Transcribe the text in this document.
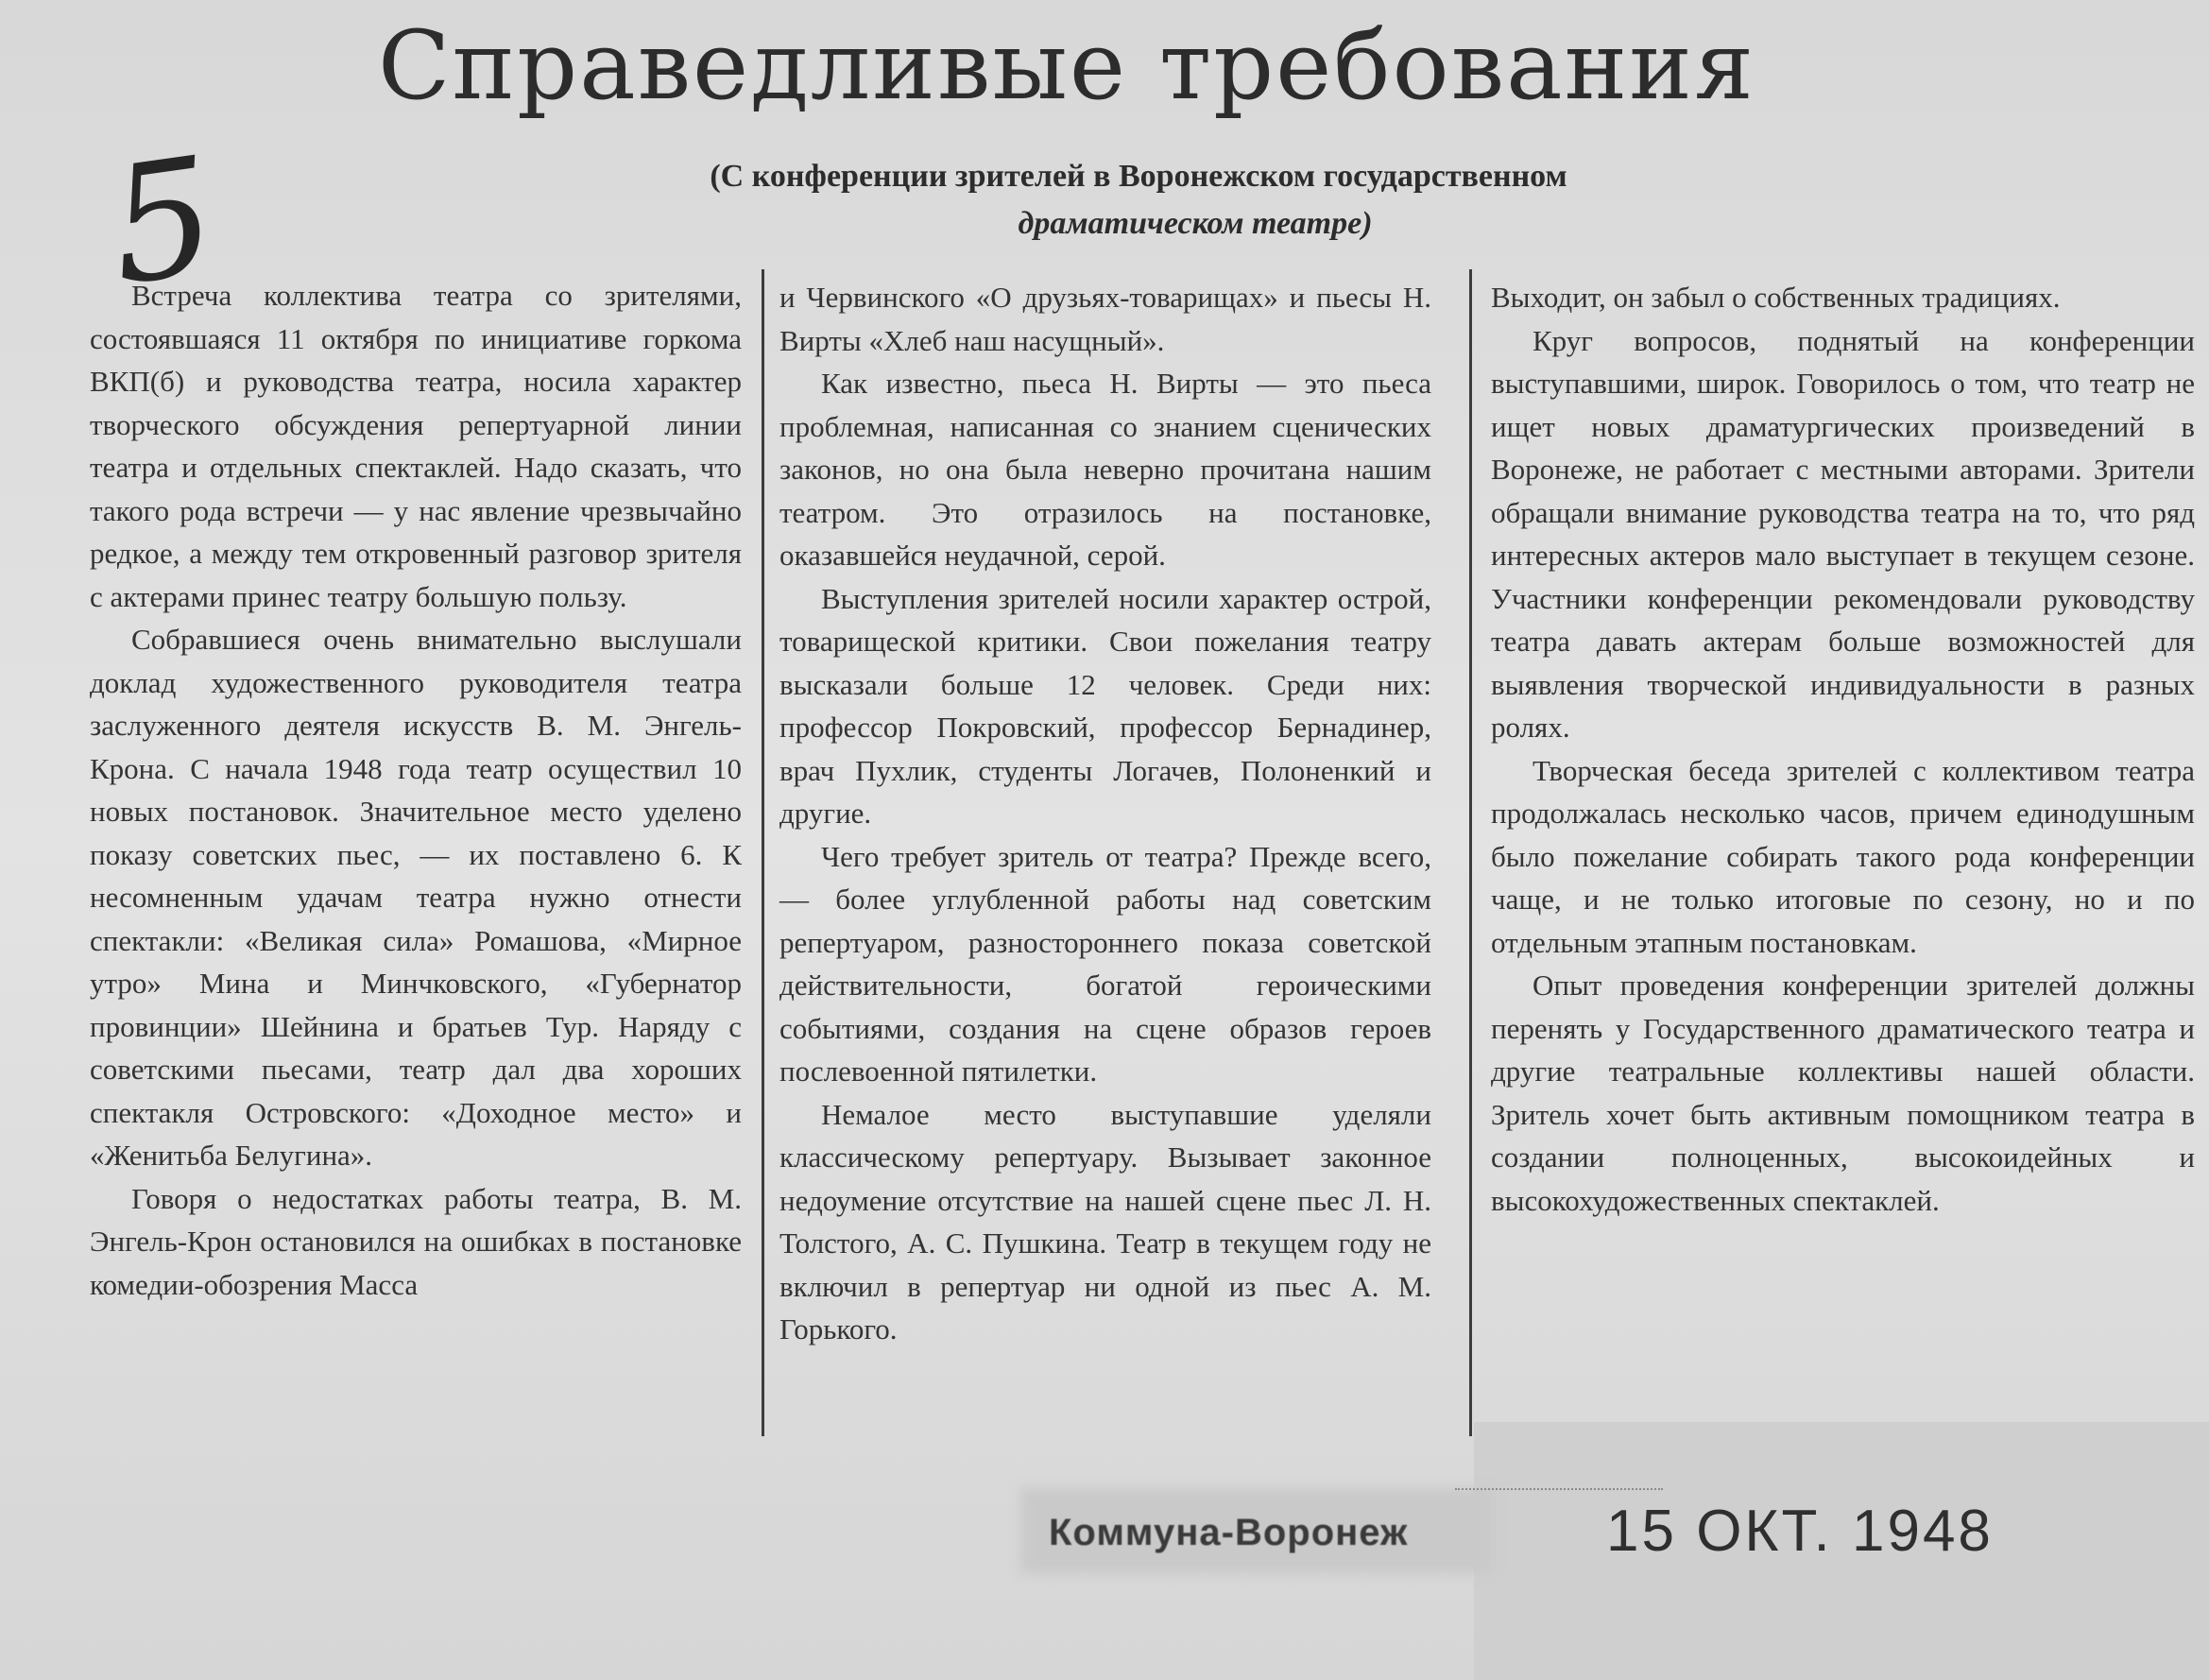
5
Справедливые требования
(С конференции зрителей в Воронежском государственном
драматическом театре)

Встреча коллектива театра со зрителями, состоявшаяся 11 октября по инициативе горкома ВКП(б) и руководства театра, носила характер творческого обсуждения репертуарной линии театра и отдельных спектаклей. Надо сказать, что такого рода встречи — у нас явление чрезвычайно редкое, а между тем откровенный разговор зрителя с актерами принес театру большую пользу.

Собравшиеся очень внимательно выслушали доклад художественного руководителя театра заслуженного деятеля искусств В. М. Энгель-Крона. С начала 1948 года театр осуществил 10 новых постановок. Значительное место уделено показу советских пьес, — их поставлено 6. К несомненным удачам театра нужно отнести спектакли: «Великая сила» Ромашова, «Мирное утро» Мина и Минчковского, «Губернатор провинции» Шейнина и братьев Тур. Наряду с советскими пьесами, театр дал два хороших спектакля Островского: «Доходное место» и «Женитьба Белугина».

Говоря о недостатках работы театра, В. М. Энгель-Крон остановился на ошибках в постановке комедии-обозрения Масса

и Червинского «О друзьях-товарищах» и пьесы Н. Вирты «Хлеб наш насущный».

Как известно, пьеса Н. Вирты — это пьеса проблемная, написанная со знанием сценических законов, но она была неверно прочитана нашим театром. Это отразилось на постановке, оказавшейся неудачной, серой.

Выступления зрителей носили характер острой, товарищеской критики. Свои пожелания театру высказали больше 12 человек. Среди них: профессор Покровский, профессор Бернадинер, врач Пухлик, студенты Логачев, Полоненкий и другие.

Чего требует зритель от театра? Прежде всего, — более углубленной работы над советским репертуаром, разностороннего показа советской действительности, богатой героическими событиями, создания на сцене образов героев послевоенной пятилетки.

Немалое место выступавшие уделяли классическому репертуару. Вызывает законное недоумение отсутствие на нашей сцене пьес Л. Н. Толстого, А. С. Пушкина. Театр в текущем году не включил в репертуар ни одной из пьес А. М. Горького.

Выходит, он забыл о собственных традициях.

Круг вопросов, поднятый на конференции выступавшими, широк. Говорилось о том, что театр не ищет новых драматургических произведений в Воронеже, не работает с местными авторами. Зрители обращали внимание руководства театра на то, что ряд интересных актеров мало выступает в текущем сезоне. Участники конференции рекомендовали руководству театра давать актерам больше возможностей для выявления творческой индивидуальности в разных ролях.

Творческая беседа зрителей с коллективом театра продолжалась несколько часов, причем единодушным было пожелание собирать такого рода конференции чаще, и не только итоговые по сезону, но и по отдельным этапным постановкам.

Опыт проведения конференции зрителей должны перенять у Государственного драматического театра и другие театральные коллективы нашей области. Зритель хочет быть активным помощником театра в создании полноценных, высокоидейных и высокохудожественных спектаклей.

Коммуна-Воронеж	15 ОКТ. 1948
